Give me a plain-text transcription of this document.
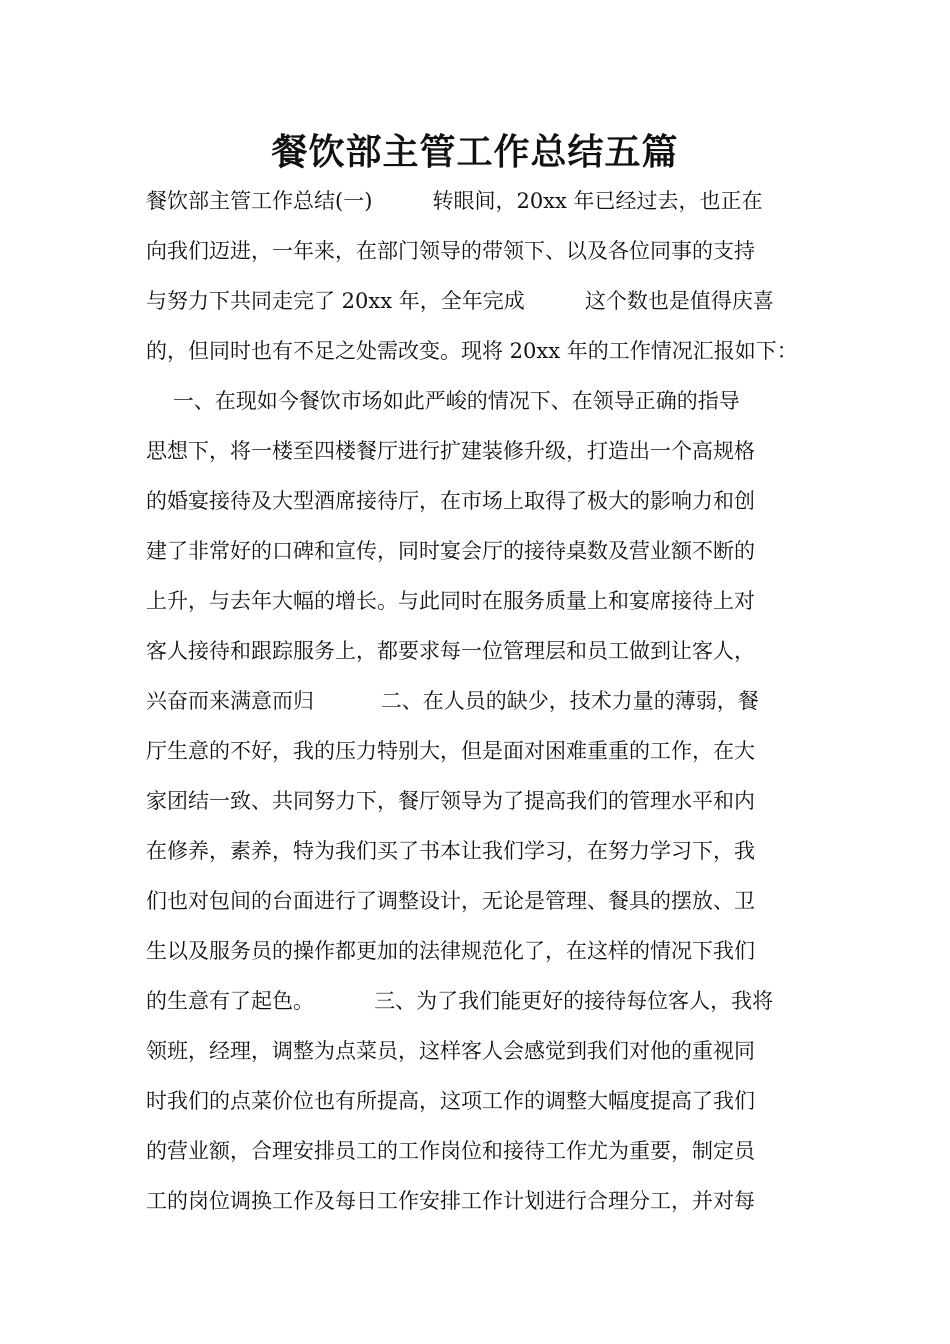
餐饮部主管工作总结五篇
餐饮部主管工作总结(一)         转眼间，20xx 年已经过去，也正在
向我们迈进，一年来，在部门领导的带领下、以及各位同事的支持
与努力下共同走完了 20xx 年，全年完成         这个数也是值得庆喜
的，但同时也有不足之处需改变。现将 20xx 年的工作情况汇报如下：
一、在现如今餐饮市场如此严峻的情况下、在领导正确的指导
思想下，将一楼至四楼餐厅进行扩建装修升级，打造出一个高规格
的婚宴接待及大型酒席接待厅，在市场上取得了极大的影响力和创
建了非常好的口碑和宣传，同时宴会厅的接待桌数及营业额不断的
上升，与去年大幅的增长。与此同时在服务质量上和宴席接待上对
客人接待和跟踪服务上，都要求每一位管理层和员工做到让客人，
兴奋而来满意而归          二、在人员的缺少，技术力量的薄弱，餐
厅生意的不好，我的压力特别大，但是面对困难重重的工作，在大
家团结一致、共同努力下，餐厅领导为了提高我们的管理水平和内
在修养，素养，特为我们买了书本让我们学习，在努力学习下，我
们也对包间的台面进行了调整设计，无论是管理、餐具的摆放、卫
生以及服务员的操作都更加的法律规范化了，在这样的情况下我们
的生意有了起色。         三、为了我们能更好的接待每位客人，我将
领班，经理，调整为点菜员，这样客人会感觉到我们对他的重视同
时我们的点菜价位也有所提高，这项工作的调整大幅度提高了我们
的营业额，合理安排员工的工作岗位和接待工作尤为重要，制定员
工的岗位调换工作及每日工作安排工作计划进行合理分工，并对每
